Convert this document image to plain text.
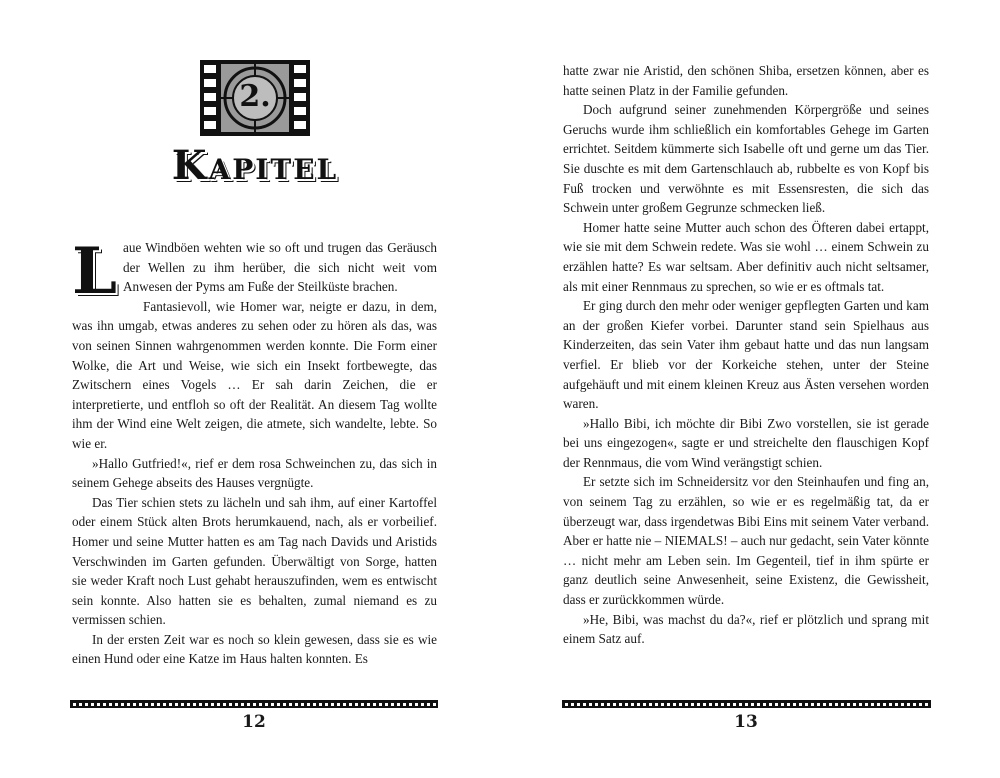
2.
Kapitel

Laue Windböen wehten wie so oft und trugen das Geräusch der Wellen zu ihm herüber, die sich nicht weit vom Anwesen der Pyms am Fuße der Steilküste brachen.

Fantasievoll, wie Homer war, neigte er dazu, in dem, was ihn umgab, etwas anderes zu sehen oder zu hören als das, was von seinen Sinnen wahrgenommen werden konnte. Die Form einer Wolke, die Art und Weise, wie sich ein Insekt fortbewegte, das Zwitschern eines Vogels … Er sah darin Zeichen, die er interpretierte, und entfloh so oft der Realität. An diesem Tag wollte ihm der Wind eine Welt zeigen, die atmete, sich wandelte, lebte. So wie er.

»Hallo Gutfried!«, rief er dem rosa Schweinchen zu, das sich in seinem Gehege abseits des Hauses vergnügte.

Das Tier schien stets zu lächeln und sah ihm, auf einer Kartoffel oder einem Stück alten Brots herumkauend, nach, als er vorbeilief. Homer und seine Mutter hatten es am Tag nach Davids und Aristids Verschwinden im Garten gefunden. Überwältigt von Sorge, hatten sie weder Kraft noch Lust gehabt herauszufinden, wem es entwischt sein konnte. Also hatten sie es behalten, zumal niemand es zu vermissen schien.

In der ersten Zeit war es noch so klein gewesen, dass sie es wie einen Hund oder eine Katze im Haus halten konnten. Es

12

hatte zwar nie Aristid, den schönen Shiba, ersetzen können, aber es hatte seinen Platz in der Familie gefunden.

Doch aufgrund seiner zunehmenden Körpergröße und seines Geruchs wurde ihm schließlich ein komfortables Gehege im Garten errichtet. Seitdem kümmerte sich Isabelle oft und gerne um das Tier. Sie duschte es mit dem Gartenschlauch ab, rubbelte es von Kopf bis Fuß trocken und verwöhnte es mit Essensresten, die sich das Schwein unter großem Gegrunze schmecken ließ.

Homer hatte seine Mutter auch schon des Öfteren dabei ertappt, wie sie mit dem Schwein redete. Was sie wohl … einem Schwein zu erzählen hatte? Es war seltsam. Aber definitiv auch nicht seltsamer, als mit einer Rennmaus zu sprechen, so wie er es oftmals tat.

Er ging durch den mehr oder weniger gepflegten Garten und kam an der großen Kiefer vorbei. Darunter stand sein Spielhaus aus Kinderzeiten, das sein Vater ihm gebaut hatte und das nun langsam verfiel. Er blieb vor der Korkeiche stehen, unter der Steine aufgehäuft und mit einem kleinen Kreuz aus Ästen versehen worden waren.

»Hallo Bibi, ich möchte dir Bibi Zwo vorstellen, sie ist gerade bei uns eingezogen«, sagte er und streichelte den flauschigen Kopf der Rennmaus, die vom Wind verängstigt schien.

Er setzte sich im Schneidersitz vor den Steinhaufen und fing an, von seinem Tag zu erzählen, so wie er es regelmäßig tat, da er überzeugt war, dass irgendetwas Bibi Eins mit seinem Vater verband. Aber er hatte nie – NIEMALS! – auch nur gedacht, sein Vater könnte … nicht mehr am Leben sein. Im Gegenteil, tief in ihm spürte er ganz deutlich seine Anwesenheit, seine Existenz, die Gewissheit, dass er zurückkommen würde.

»He, Bibi, was machst du da?«, rief er plötzlich und sprang mit einem Satz auf.

13
